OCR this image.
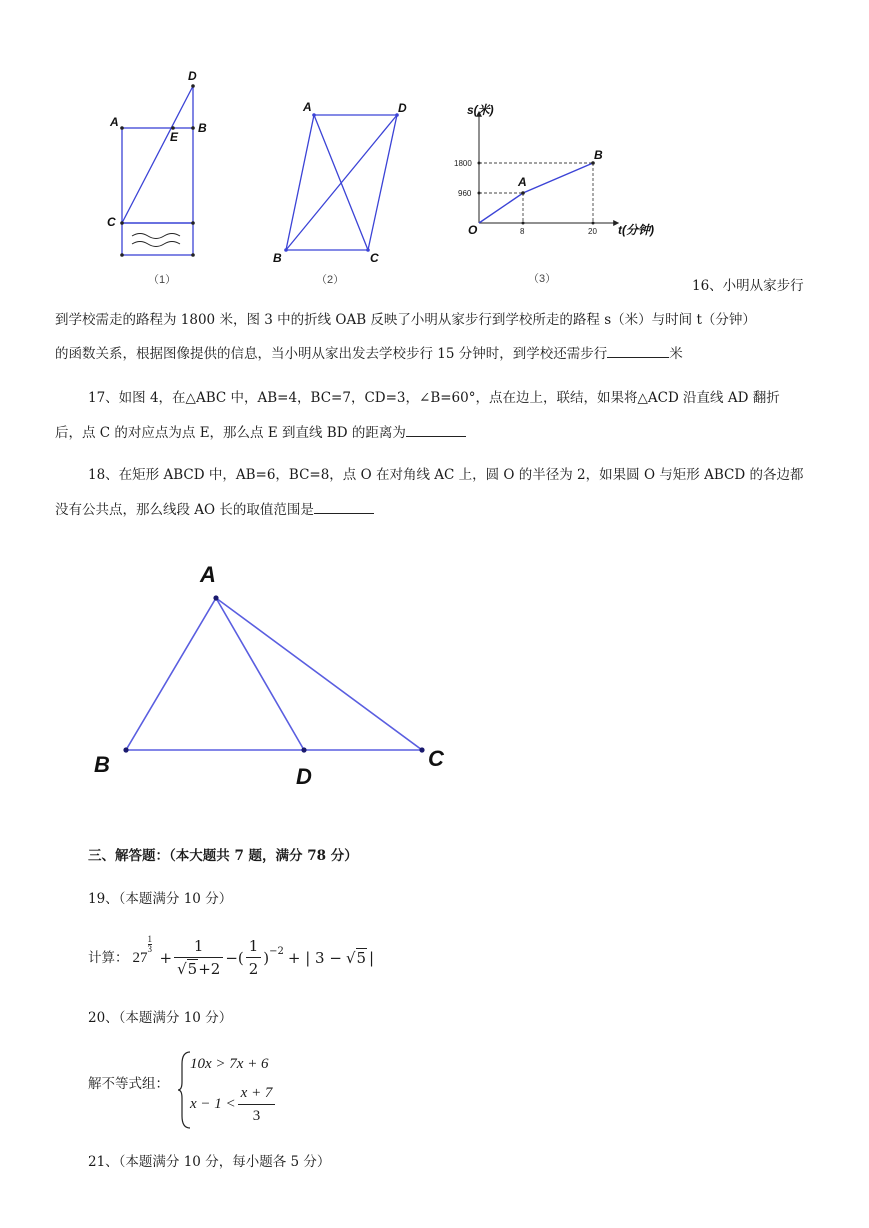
D
A
E
B
C
（1）
A	D
B	C
（2）
s(米)
t(分钟)
O
A
B
1800
960
8	20
（3）	16、小明从家步行
到学校需走的路程为 1800 米，图 3 中的折线 OAB 反映了小明从家步行到学校所走的路程 s（米）与时间 t（分钟）
的函数关系，根据图像提供的信息，当小明从家出发去学校步行 15 分钟时，到学校还需步行	米
17、如图 4，在△ABC 中，AB=4，BC=7，CD=3，∠B=60°，点在边上，联结，如果将△ACD 沿直线 AD 翻折
后，点 C 的对应点为点 E，那么点 E 到直线 BD 的距离为
18、在矩形 ABCD 中，AB=6，BC=8，点 O 在对角线 AC 上，圆 O 的半径为 2，如果圆 O 与矩形 ABCD 的各边都
没有公共点，那么线段 AO 长的取值范围是
A
B	C
D
三、解答题：（本大题共 7 题，满分 78 分）
19、（本题满分 10 分）
计算： 27
1
$3 + \frac{1}{√5+2}$ −( $\frac{1}{2} )^{-2}$ + | 3 − √5 |
20、（本题满分 10 分）
解不等式组：
10x > 7x + 6
$x - 1 < \frac{x + 7}{3}$
21、（本题满分 10 分，每小题各 5 分）
